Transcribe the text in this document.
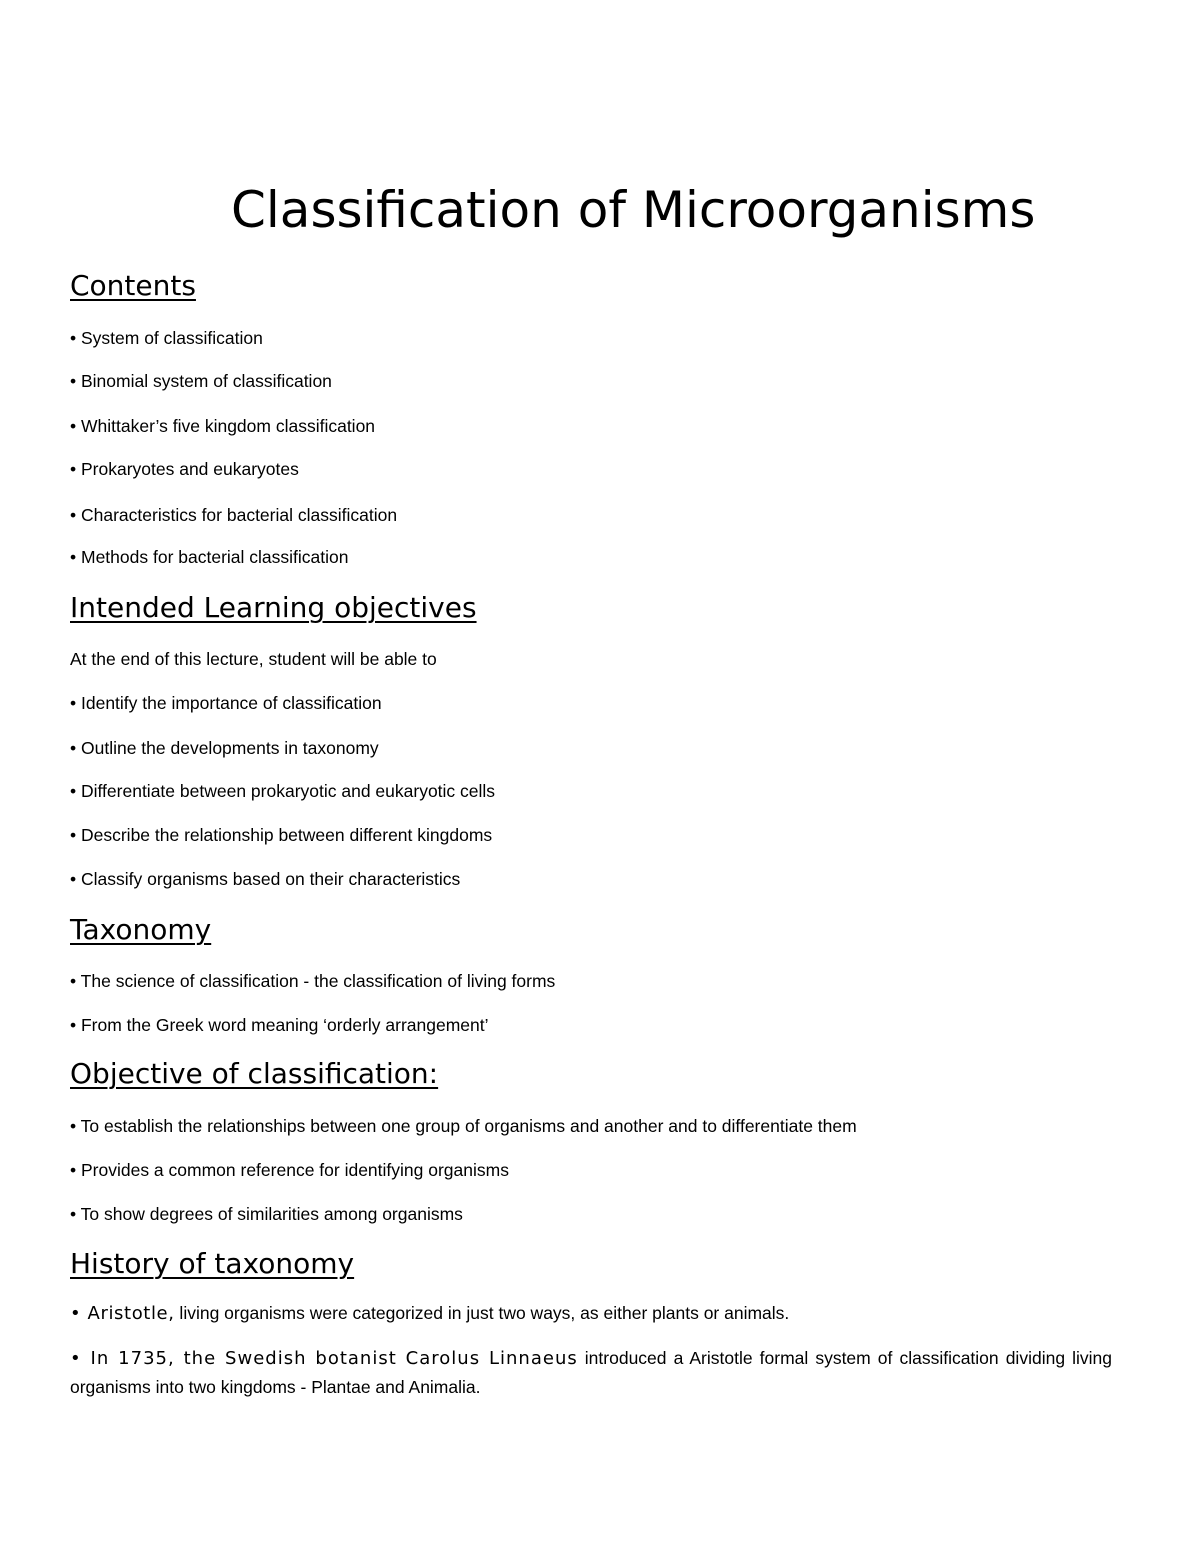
Classification of Microorganisms
Contents
• System of classification
• Binomial system of classification
• Whittaker’s five kingdom classification
• Prokaryotes and eukaryotes
• Characteristics for bacterial classification
• Methods for bacterial classification
Intended Learning objectives
At the end of this lecture, student will be able to
• Identify the importance of classification
• Outline the developments in taxonomy
• Differentiate between prokaryotic and eukaryotic cells
• Describe the relationship between different kingdoms
• Classify organisms based on their characteristics
Taxonomy
• The science of classification - the classification of living forms
• From the Greek word meaning ‘orderly arrangement’
Objective of classification:
• To establish the relationships between one group of organisms and another and to differentiate them
• Provides a common reference for identifying organisms
• To show degrees of similarities among organisms
History of taxonomy
• Aristotle, living organisms were categorized in just two ways, as either plants or animals.
• In 1735, the Swedish botanist Carolus Linnaeus introduced a Aristotle formal system of classification dividing living organisms into two kingdoms - Plantae and Animalia.
